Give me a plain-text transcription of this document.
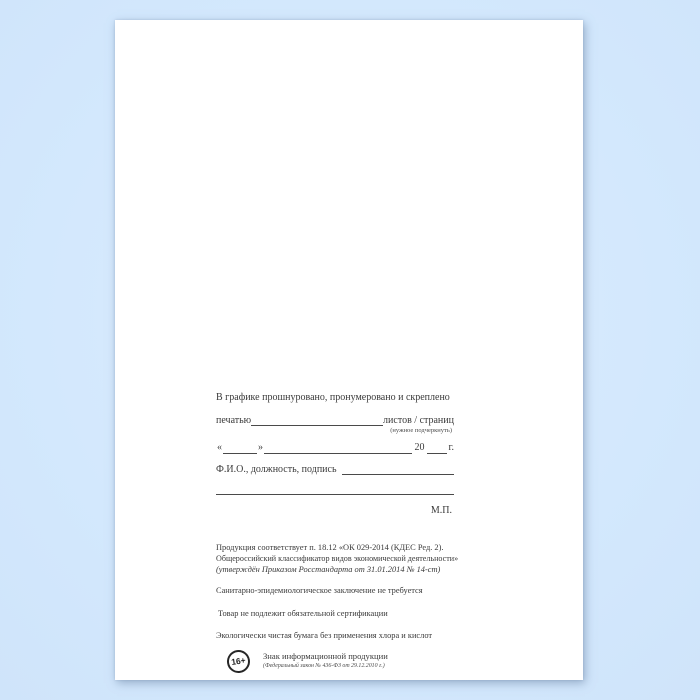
В графике прошнуровано, пронумеровано и скреплено
печатью	листов / страниц
(нужное подчеркнуть)
«	»	20 г.
Ф.И.О., должность, подпись
М.П.
Продукция соответствует п. 18.12 «ОК 029-2014 (КДЕС Ред. 2).
Общероссийский классификатор видов экономической деятельности»
(утверждён Приказом Росстандарта от 31.01.2014 № 14-ст)
Санитарно-эпидемиологическое заключение не требуется
Товар не подлежит обязательной сертификации
Экологически чистая бумага без применения хлора и кислот
16+	Знак информационной продукции
(Федеральный закон № 436-ФЗ от 29.12.2010 г.)
